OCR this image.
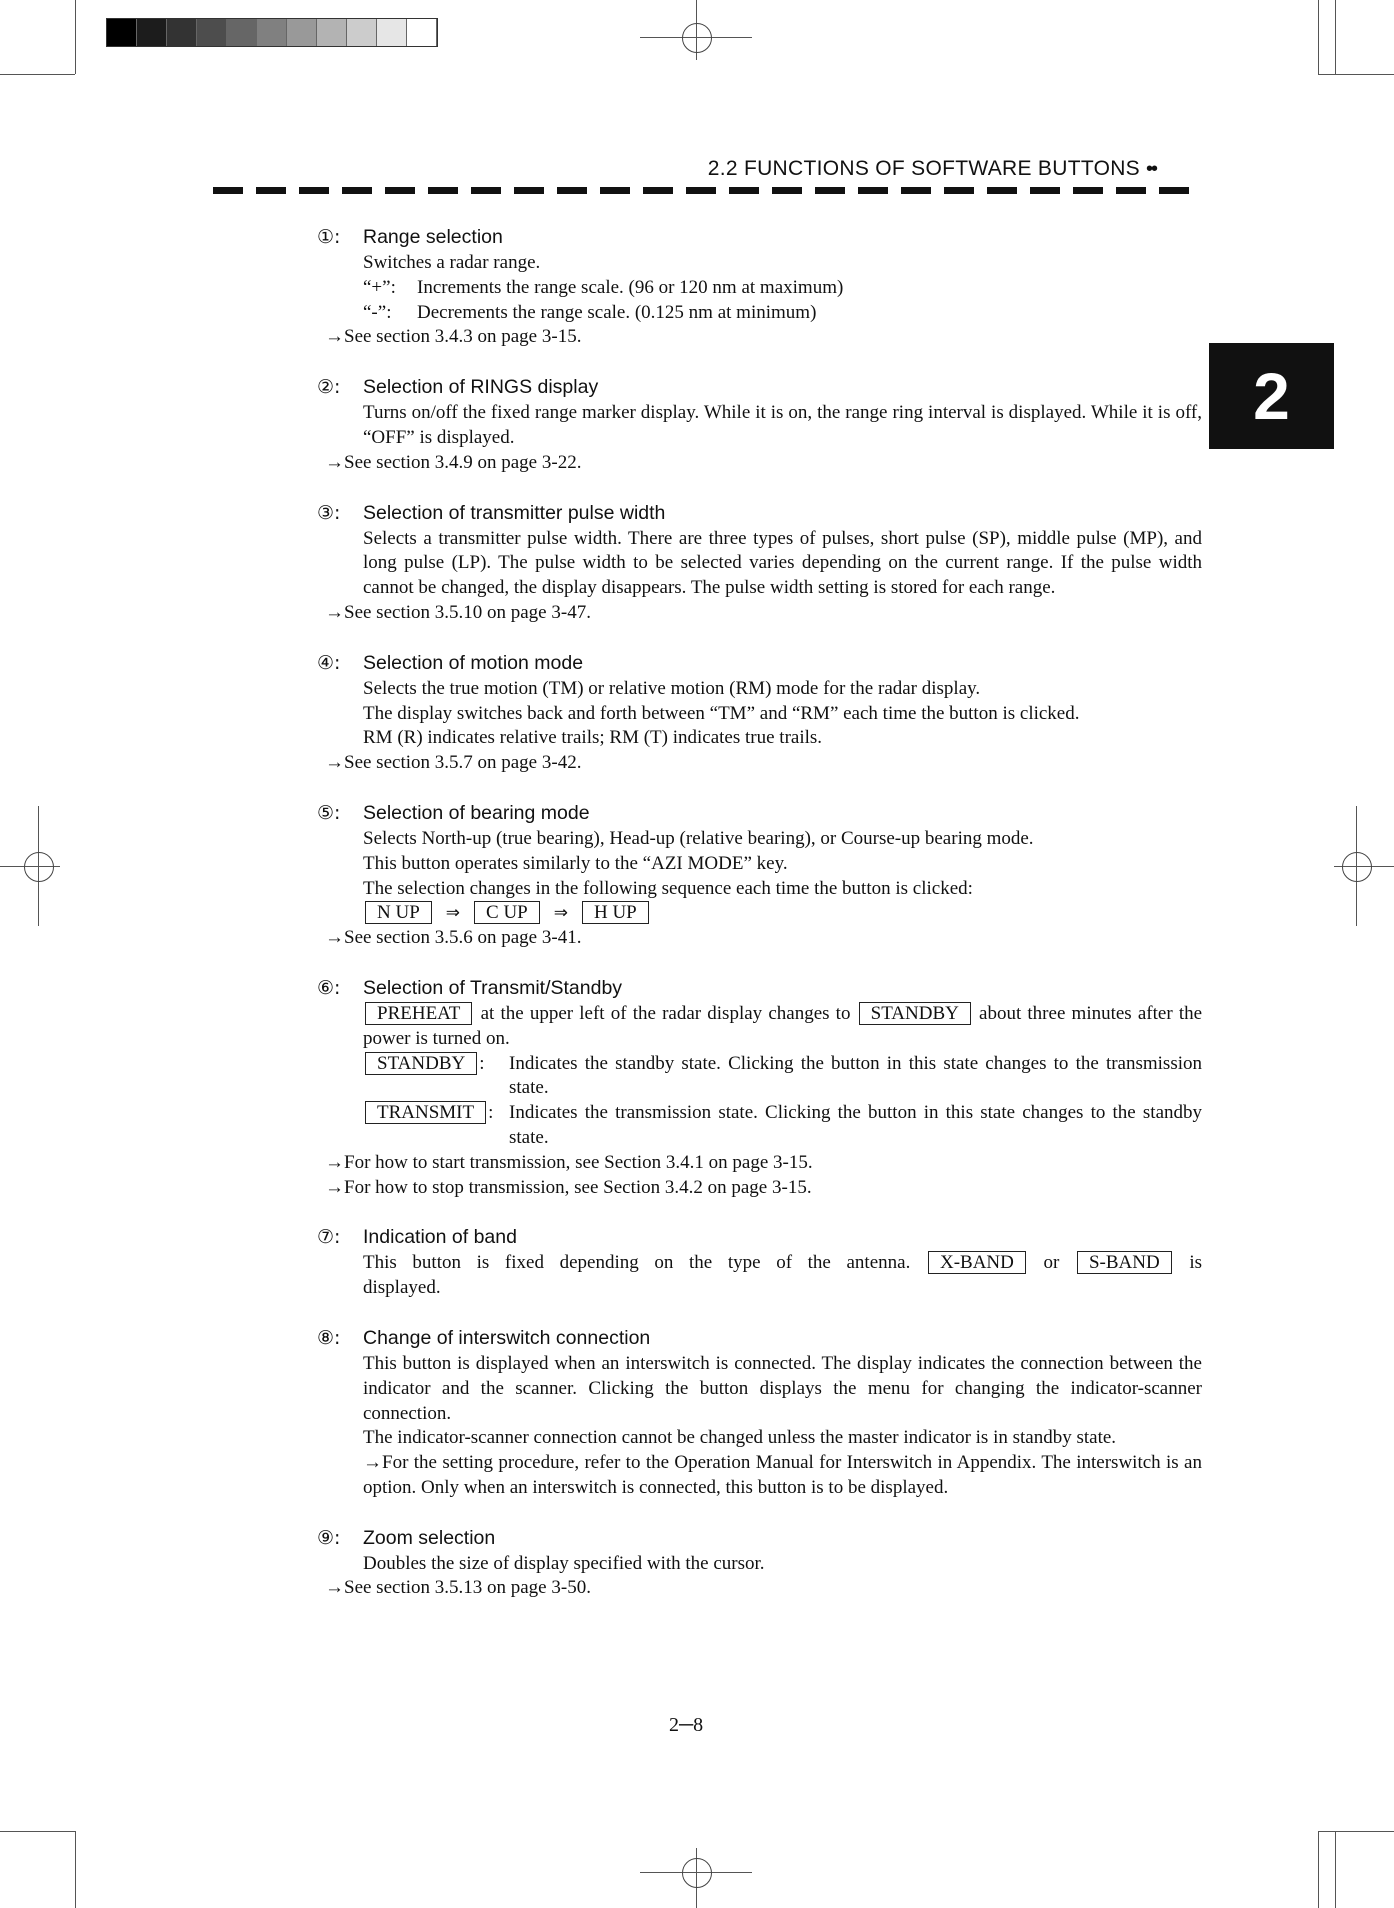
2.2 FUNCTIONS OF SOFTWARE BUTTONS ••
2
①:	Range selection

Switches a radar range.

“+”:	Increments the range scale. (96 or 120 nm at maximum)
“-”:	Decrements the range scale. (0.125 nm at minimum)

→See section 3.4.3 on page 3-15.

②:	Selection of RINGS display

Turns on/off the fixed range marker display. While it is on, the range ring interval is displayed. While it is off, “OFF” is displayed.

→See section 3.4.9 on page 3-22.

③:	Selection of transmitter pulse width

Selects a transmitter pulse width. There are three types of pulses, short pulse (SP), middle pulse (MP), and long pulse (LP). The pulse width to be selected varies depending on the current range. If the pulse width cannot be changed, the display disappears. The pulse width setting is stored for each range.

→See section 3.5.10 on page 3-47.

④:	Selection of motion mode

Selects the true motion (TM) or relative motion (RM) mode for the radar display.

The display switches back and forth between “TM” and “RM” each time the button is clicked.

RM (R) indicates relative trails; RM (T) indicates true trails.

→See section 3.5.7 on page 3-42.

⑤:	Selection of bearing mode

Selects North-up (true bearing), Head-up (relative bearing), or Course-up bearing mode.

This button operates similarly to the “AZI MODE” key.

The selection changes in the following sequence each time the button is clicked:

N UP ⇒ C UP ⇒ H UP

→See section 3.5.6 on page 3-41.

⑥:	Selection of Transmit/Standby

PREHEAT at the upper left of the radar display changes to STANDBY about three minutes after the power is turned on.

STANDBY :	Indicates the standby state. Clicking the button in this state changes to the transmission state.
TRANSMIT : Indicates the transmission state. Clicking the button in this state changes to the standby state.

→For how to start transmission, see Section 3.4.1 on page 3-15.

→For how to stop transmission, see Section 3.4.2 on page 3-15.

⑦:	Indication of band

This button is fixed depending on the type of the antenna. X-BAND or S-BAND is displayed.

⑧:	Change of interswitch connection

This button is displayed when an interswitch is connected. The display indicates the connection between the indicator and the scanner. Clicking the button displays the menu for changing the indicator-scanner connection.

The indicator-scanner connection cannot be changed unless the master indicator is in standby state.

→For the setting procedure, refer to the Operation Manual for Interswitch in Appendix. The interswitch is an option. Only when an interswitch is connected, this button is to be displayed.

⑨:	Zoom selection

Doubles the size of display specified with the cursor.

→See section 3.5.13 on page 3-50.

2─8
